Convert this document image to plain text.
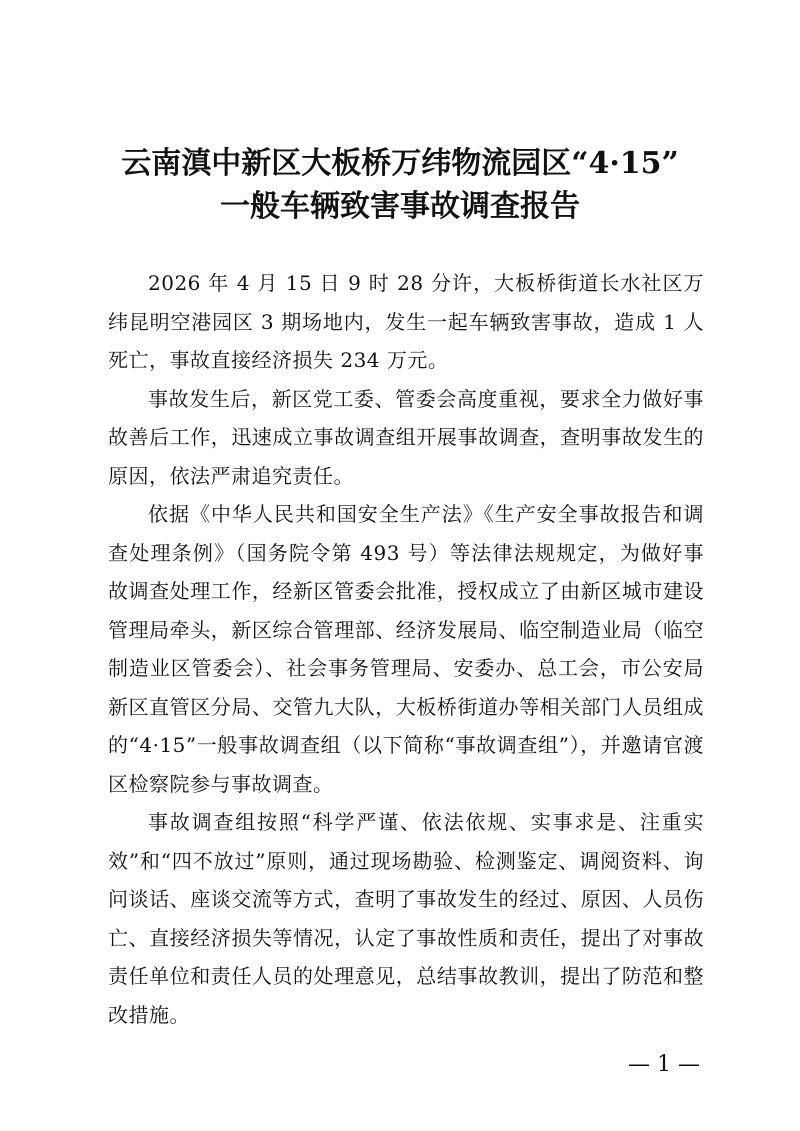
云南滇中新区大板桥万纬物流园区“4·15”
一般车辆致害事故调查报告

2026 年 4 月 15 日 9 时 28 分许，大板桥街道长水社区万纬昆明空港园区 3 期场地内，发生一起车辆致害事故，造成 1 人死亡，事故直接经济损失 234 万元。

事故发生后，新区党工委、管委会高度重视，要求全力做好事故善后工作，迅速成立事故调查组开展事故调查，查明事故发生的原因，依法严肃追究责任。

依据《中华人民共和国安全生产法》《生产安全事故报告和调查处理条例》（国务院令第 493 号）等法律法规规定，为做好事故调查处理工作，经新区管委会批准，授权成立了由新区城市建设管理局牵头，新区综合管理部、经济发展局、临空制造业局（临空制造业区管委会）、社会事务管理局、安委办、总工会，市公安局新区直管区分局、交管九大队，大板桥街道办等相关部门人员组成的“4·15”一般事故调查组（以下简称“事故调查组”），并邀请官渡区检察院参与事故调查。

事故调查组按照“科学严谨、依法依规、实事求是、注重实效”和“四不放过”原则，通过现场勘验、检测鉴定、调阅资料、询问谈话、座谈交流等方式，查明了事故发生的经过、原因、人员伤亡、直接经济损失等情况，认定了事故性质和责任，提出了对事故责任单位和责任人员的处理意见，总结事故教训，提出了防范和整改措施。

— 1 —
